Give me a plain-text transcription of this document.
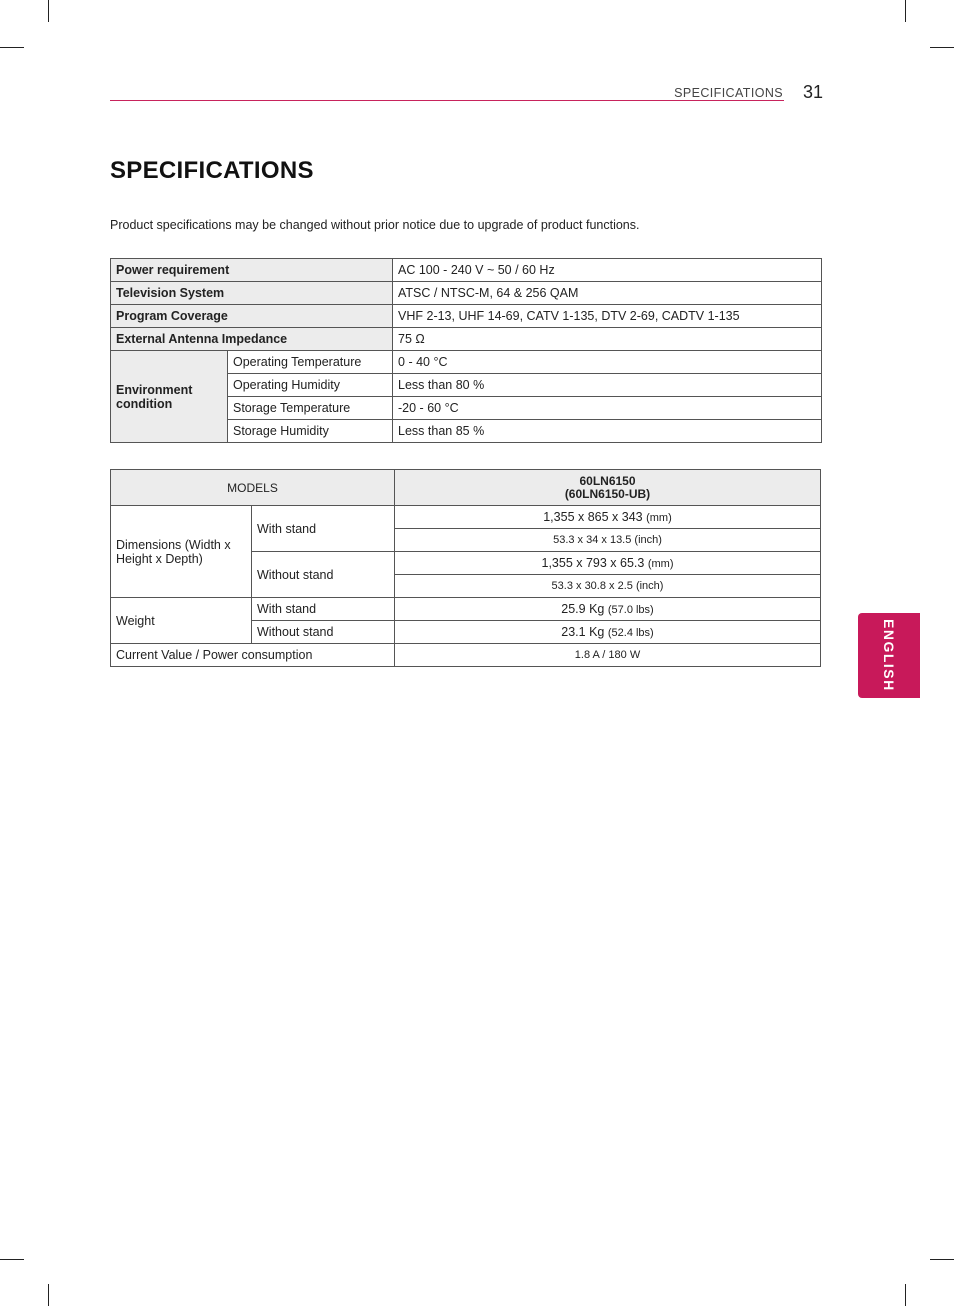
SPECIFICATIONS 31
SPECIFICATIONS

Product specifications may be changed without prior notice due to upgrade of product functions.

Power requirement		AC 100 - 240 V ~ 50 / 60 Hz
Television System		ATSC / NTSC-M, 64 & 256 QAM
Program Coverage		VHF 2-13, UHF 14-69, CATV 1-135, DTV 2-69, CADTV 1-135
External Antenna Impedance		75 Ω
Environment
condition	Operating Temperature	0 - 40 °C
	Operating Humidity	Less than 80 %
	Storage Temperature	-20 - 60 °C
	Storage Humidity	Less than 85 %
MODELS		60LN6150
(60LN6150-UB)
Dimensions (Width x Height x Depth)	With stand	1,355 x 865 x 343 (mm)
		53.3 x 34 x 13.5 (inch)
	Without stand	1,355 x 793 x 65.3 (mm)
		53.3 x 30.8 x 2.5 (inch)
Weight	With stand	25.9 Kg (57.0 lbs)
	Without stand	23.1 Kg (52.4 lbs)
Current Value / Power consumption		1.8 A / 180 W	ENGLISH
